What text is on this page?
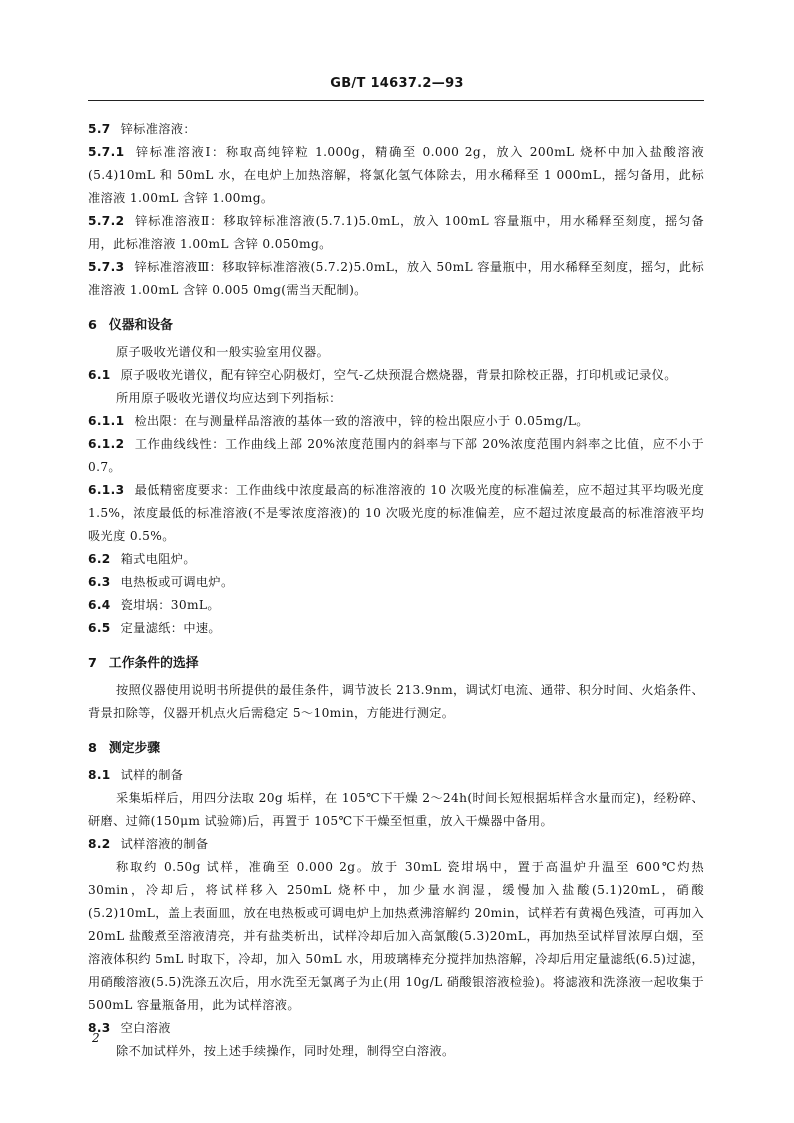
GB/T 14637.2—93
5.7 锌标准溶液：
5.7.1 锌标准溶液Ⅰ：称取高纯锌粒 1.000g，精确至 0.000 2g，放入 200mL 烧杯中加入盐酸溶液(5.4)10mL 和 50mL 水，在电炉上加热溶解，将氯化氢气体除去，用水稀释至 1 000mL，摇匀备用，此标准溶液 1.00mL 含锌 1.00mg。
5.7.2 锌标准溶液Ⅱ：移取锌标准溶液(5.7.1)5.0mL，放入 100mL 容量瓶中，用水稀释至刻度，摇匀备用，此标准溶液 1.00mL 含锌 0.050mg。
5.7.3 锌标准溶液Ⅲ：移取锌标准溶液(5.7.2)5.0mL，放入 50mL 容量瓶中，用水稀释至刻度，摇匀，此标准溶液 1.00mL 含锌 0.005 0mg(需当天配制)。
6 仪器和设备
原子吸收光谱仪和一般实验室用仪器。
6.1 原子吸收光谱仪，配有锌空心阴极灯，空气-乙炔预混合燃烧器，背景扣除校正器，打印机或记录仪。
所用原子吸收光谱仪均应达到下列指标：
6.1.1 检出限：在与测量样品溶液的基体一致的溶液中，锌的检出限应小于 0.05mg/L。
6.1.2 工作曲线线性：工作曲线上部 20%浓度范围内的斜率与下部 20%浓度范围内斜率之比值，应不小于 0.7。
6.1.3 最低精密度要求：工作曲线中浓度最高的标准溶液的 10 次吸光度的标准偏差，应不超过其平均吸光度 1.5%，浓度最低的标准溶液(不是零浓度溶液)的 10 次吸光度的标准偏差，应不超过浓度最高的标准溶液平均吸光度 0.5%。
6.2 箱式电阻炉。
6.3 电热板或可调电炉。
6.4 瓷坩埚：30mL。
6.5 定量滤纸：中速。
7 工作条件的选择
按照仪器使用说明书所提供的最佳条件，调节波长 213.9nm，调试灯电流、通带、积分时间、火焰条件、背景扣除等，仪器开机点火后需稳定 5～10min，方能进行测定。
8 测定步骤
8.1 试样的制备
采集垢样后，用四分法取 20g 垢样，在 105℃下干燥 2～24h(时间长短根据垢样含水量而定)，经粉碎、研磨、过筛(150μm 试验筛)后，再置于 105℃下干燥至恒重，放入干燥器中备用。
8.2 试样溶液的制备
称取约 0.50g 试样，准确至 0.000 2g。放于 30mL 瓷坩埚中，置于高温炉升温至 600℃灼热 30min，冷却后，将试样移入 250mL 烧杯中，加少量水润湿，缓慢加入盐酸(5.1)20mL，硝酸(5.2)10mL，盖上表面皿，放在电热板或可调电炉上加热煮沸溶解约 20min，试样若有黄褐色残渣，可再加入 20mL 盐酸煮至溶液清亮，并有盐类析出，试样冷却后加入高氯酸(5.3)20mL，再加热至试样冒浓厚白烟，至溶液体积约 5mL 时取下，冷却，加入 50mL 水，用玻璃棒充分搅拌加热溶解，冷却后用定量滤纸(6.5)过滤，用硝酸溶液(5.5)洗涤五次后，用水洗至无氯离子为止(用 10g/L 硝酸银溶液检验)。将滤液和洗涤液一起收集于 500mL 容量瓶备用，此为试样溶液。
8.3 空白溶液
除不加试样外，按上述手续操作，同时处理，制得空白溶液。
2
